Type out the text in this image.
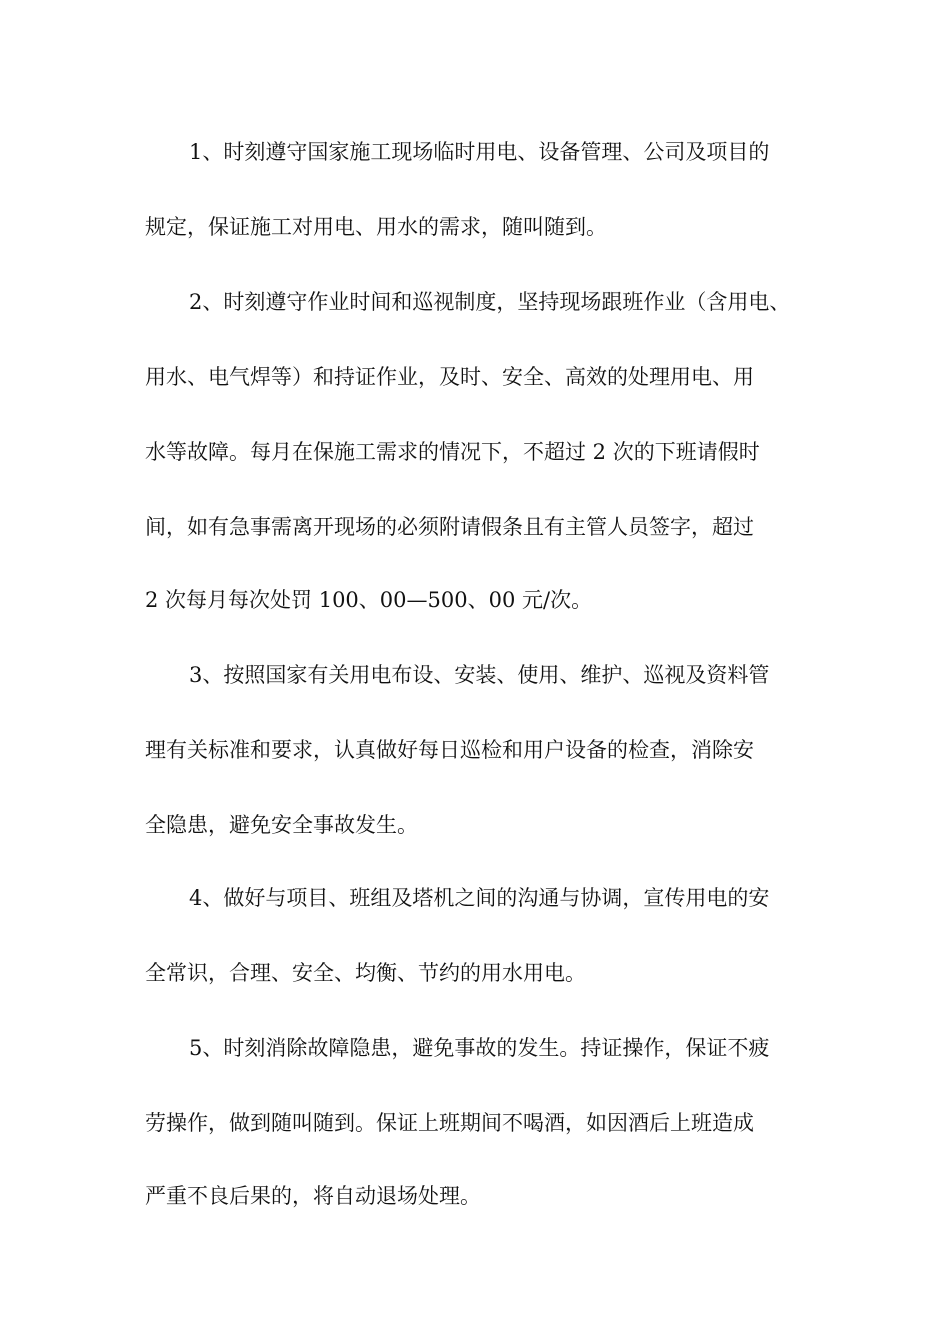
1、时刻遵守国家施工现场临时用电、设备管理、公司及项目的
规定，保证施工对用电、用水的需求，随叫随到。
2、时刻遵守作业时间和巡视制度，坚持现场跟班作业（含用电、
用水、电气焊等）和持证作业，及时、安全、高效的处理用电、用
水等故障。每月在保施工需求的情况下，不超过 2 次的下班请假时
间，如有急事需离开现场的必须附请假条且有主管人员签字，超过
2 次每月每次处罚 100、00—500、00 元/次。
3、按照国家有关用电布设、安装、使用、维护、巡视及资料管
理有关标准和要求，认真做好每日巡检和用户设备的检查，消除安
全隐患，避免安全事故发生。
4、做好与项目、班组及塔机之间的沟通与协调，宣传用电的安
全常识，合理、安全、均衡、节约的用水用电。
5、时刻消除故障隐患，避免事故的发生。持证操作，保证不疲
劳操作，做到随叫随到。保证上班期间不喝酒，如因酒后上班造成
严重不良后果的，将自动退场处理。
